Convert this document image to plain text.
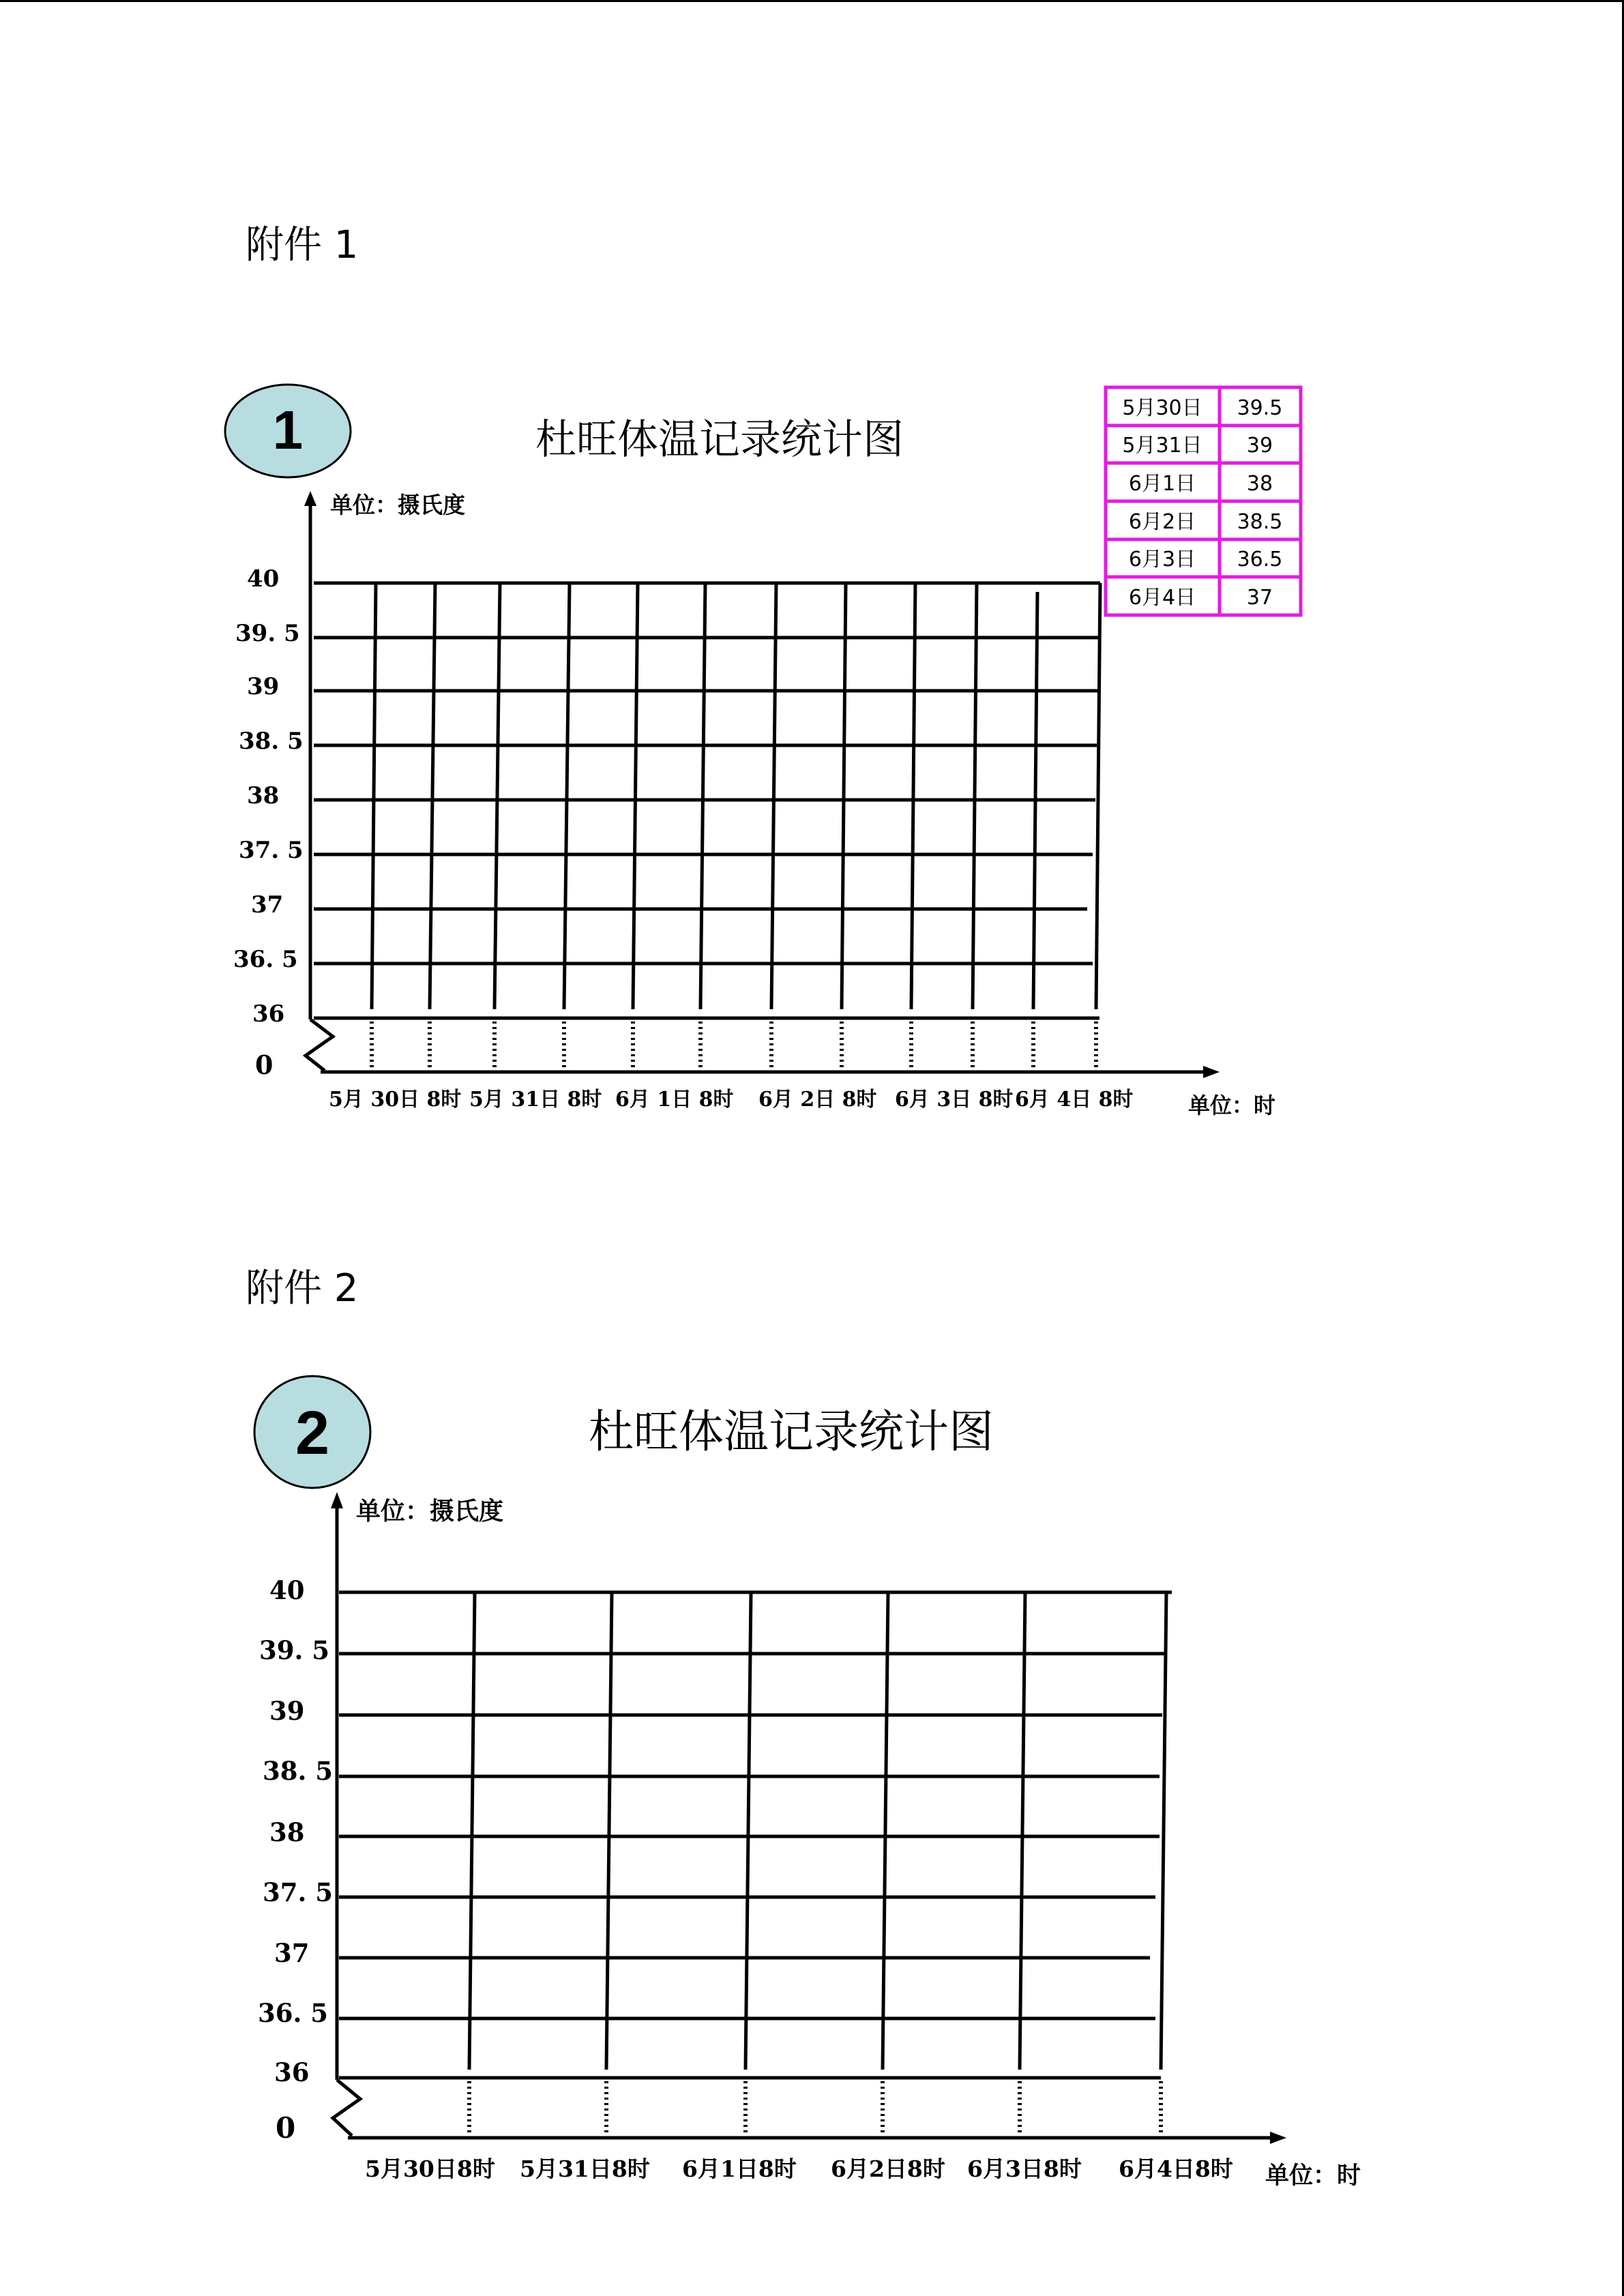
附件 1
1	杜旺体温记录统计图
单位：摄氏度
40
39. 5
39
38. 5
38
37. 5
37
36. 5
36
0
5月 30日 8时 5月 31日 8时 6月 1日 8时 6月 2日 8时 6月 3日 8时 6月 4日 8时	单位：时
5月30日 39.5
5月31日 39
6月1日 38
6月2日 38.5
6月3日 36.5
6月4日 37
附件 2
2	杜旺体温记录统计图
单位：摄氏度
40
39. 5
39
38. 5
38
37. 5
37
36. 5
36
0
5月30日8时 5月31日8时 6月1日8时 6月2日8时 6月3日8时 6月4日8时 单位：时
